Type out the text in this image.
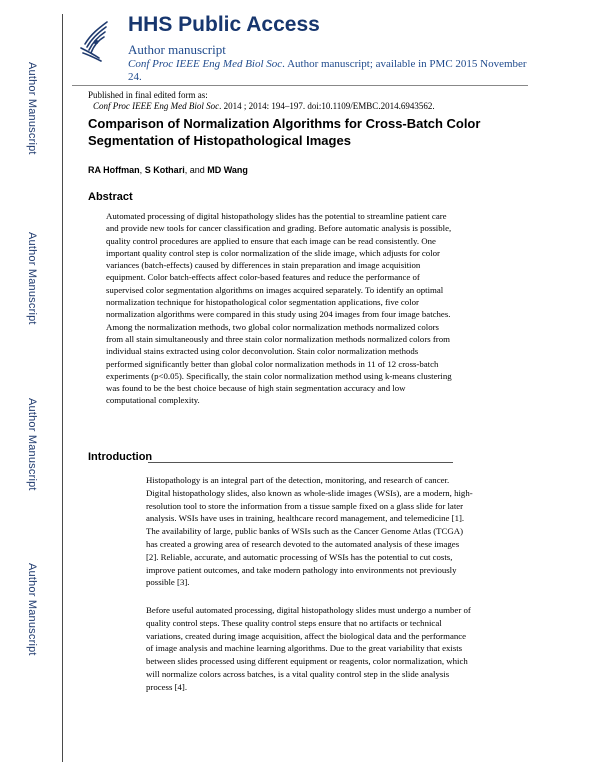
Author Manuscript
Author Manuscript
Author Manuscript
Author Manuscript
HHS Public Access
Author manuscript
Conf Proc IEEE Eng Med Biol Soc. Author manuscript; available in PMC 2015 November
24.
Published in final edited form as:
Conf Proc IEEE Eng Med Biol Soc. 2014 ; 2014: 194–197. doi:10.1109/EMBC.2014.6943562.
Comparison of Normalization Algorithms for Cross-Batch Color
Segmentation of Histopathological Images
RA Hoffman, S Kothari, and MD Wang
Abstract
Automated processing of digital histopathology slides has the potential to streamline patient care
and provide new tools for cancer classification and grading. Before automatic analysis is possible,
quality control procedures are applied to ensure that each image can be read consistently. One
important quality control step is color normalization of the slide image, which adjusts for color
variances (batch-effects) caused by differences in stain preparation and image acquisition
equipment. Color batch-effects affect color-based features and reduce the performance of
supervised color segmentation algorithms on images acquired separately. To identify an optimal
normalization technique for histopathological color segmentation applications, five color
normalization algorithms were compared in this study using 204 images from four image batches.
Among the normalization methods, two global color normalization methods normalized colors
from all stain simultaneously and three stain color normalization methods normalized colors from
individual stains extracted using color deconvolution. Stain color normalization methods
performed significantly better than global color normalization methods in 11 of 12 cross-batch
experiments (p<0.05). Specifically, the stain color normalization method using k-means clustering
was found to be the best choice because of high stain segmentation accuracy and low
computational complexity.
Introduction
Histopathology is an integral part of the detection, monitoring, and research of cancer.
Digital histopathology slides, also known as whole-slide images (WSIs), are a modern, high-
resolution tool to store the information from a tissue sample fixed on a glass slide for later
analysis. WSIs have uses in training, healthcare record management, and telemedicine [1].
The availability of large, public banks of WSIs such as the Cancer Genome Atlas (TCGA)
has created a growing area of research devoted to the automated analysis of these images
[2]. Reliable, accurate, and automatic processing of WSIs has the potential to cut costs,
improve patient outcomes, and take modern pathology into environments not previously
possible [3].
Before useful automated processing, digital histopathology slides must undergo a number of
quality control steps. These quality control steps ensure that no artifacts or technical
variations, created during image acquisition, affect the biological data and the performance
of image analysis and machine learning algorithms. Due to the great variability that exists
between slides processed using different equipment or reagents, color normalization, which
will normalize colors across batches, is a vital quality control step in the slide analysis
process [4].
